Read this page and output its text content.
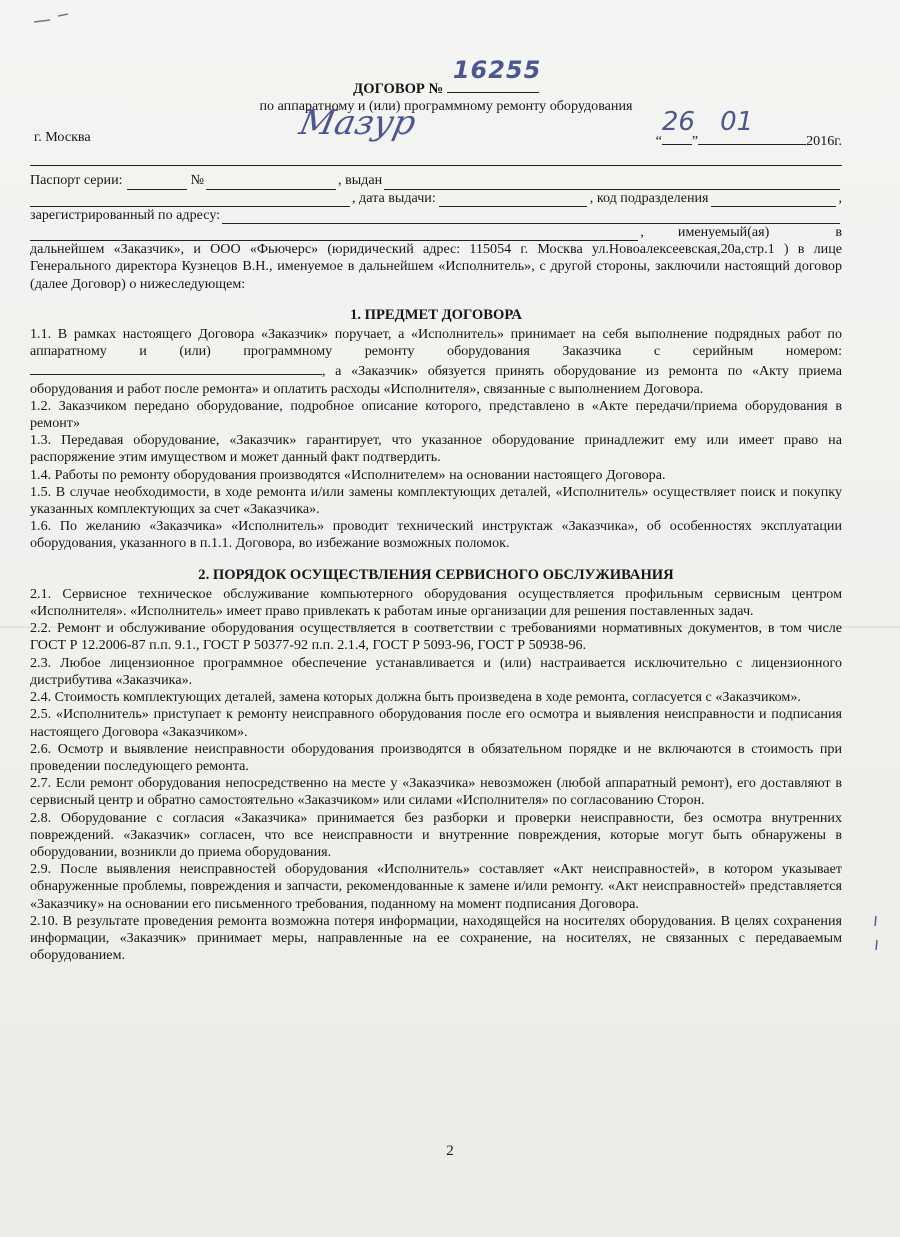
ДОГОВОР №
16255
по аппаратному и (или) программному ремонту оборудования
г. Москва	Мазур	“
26
”
01
2016г.
Паспорт серии:	№	, выдан
, дата выдачи:	, код подразделения	,
зарегистрированный по адресу:
, именуемый(ая)	в
дальнейшем «Заказчик», и ООО «Фьючерс» (юридический адрес: 115054 г. Москва ул.Новоалексеевская,20а,стр.1 ) в лице Генерального директора Кузнецов В.Н., именуемое в дальнейшем «Исполнитель», с другой стороны, заключили настоящий договор (далее Договор) о нижеследующем:
1. ПРЕДМЕТ ДОГОВОРА

1.1. В рамках настоящего Договора «Заказчик» поручает, а «Исполнитель» принимает на себя выполнение подрядных работ по аппаратному и (или) программному ремонту оборудования Заказчика с серийным номером:, а «Заказчик» обязуется принять оборудование из ремонта по «Акту приема оборудования и работ после ремонта» и оплатить расходы «Исполнителя», связанные с выполнением Договора.

1.2. Заказчиком передано оборудование, подробное описание которого, представлено в «Акте передачи/приема оборудования в ремонт»

1.3. Передавая оборудование, «Заказчик» гарантирует, что указанное оборудование принадлежит ему или имеет право на распоряжение этим имуществом и может данный факт подтвердить.

1.4. Работы по ремонту оборудования производятся «Исполнителем» на основании настоящего Договора.

1.5. В случае необходимости, в ходе ремонта и/или замены комплектующих деталей, «Исполнитель» осуществляет поиск и покупку указанных комплектующих за счет «Заказчика».

1.6. По желанию «Заказчика» «Исполнитель» проводит технический инструктаж «Заказчика», об особенностях эксплуатации оборудования, указанного в п.1.1. Договора, во избежание возможных поломок.

2. ПОРЯДОК ОСУЩЕСТВЛЕНИЯ СЕРВИСНОГО ОБСЛУЖИВАНИЯ

2.1. Сервисное техническое обслуживание компьютерного оборудования осуществляется профильным сервисным центром «Исполнителя». «Исполнитель» имеет право привлекать к работам иные организации для решения поставленных задач.

2.2. Ремонт и обслуживание оборудования осуществляется в соответствии с требованиями нормативных документов, в том числе ГОСТ Р 12.2006-87 п.п. 9.1., ГОСТ Р 50377-92 п.п. 2.1.4, ГОСТ Р 5093-96, ГОСТ Р 50938-96.

2.3. Любое лицензионное программное обеспечение устанавливается и (или) настраивается исключительно с лицензионного дистрибутива «Заказчика».

2.4. Стоимость комплектующих деталей, замена которых должна быть произведена в ходе ремонта, согласуется с «Заказчиком».

2.5. «Исполнитель» приступает к ремонту неисправного оборудования после его осмотра и выявления неисправности и подписания настоящего Договора «Заказчиком».

2.6. Осмотр и выявление неисправности оборудования производятся в обязательном порядке и не включаются в стоимость при проведении последующего ремонта.

2.7. Если ремонт оборудования непосредственно на месте у «Заказчика» невозможен (любой аппаратный ремонт), его доставляют в сервисный центр и обратно самостоятельно «Заказчиком» или силами «Исполнителя» по согласованию Сторон.

2.8. Оборудование с согласия «Заказчика» принимается без разборки и проверки неисправности, без осмотра внутренних повреждений. «Заказчик» согласен, что все неисправности и внутренние повреждения, которые могут быть обнаружены в оборудовании, возникли до приема оборудования.

2.9. После выявления неисправностей оборудования «Исполнитель» составляет «Акт неисправностей», в котором указывает обнаруженные проблемы, повреждения и запчасти, рекомендованные к замене и/или ремонту. «Акт неисправностей» представляется «Заказчику» на основании его письменного требования, поданному на момент подписания Договора.

2.10. В результате проведения ремонта возможна потеря информации, находящейся на носителях оборудования. В целях сохранения информации, «Заказчик» принимает меры, направленные на ее сохранение, на носителях, не связанных с передаваемым оборудованием.

2
